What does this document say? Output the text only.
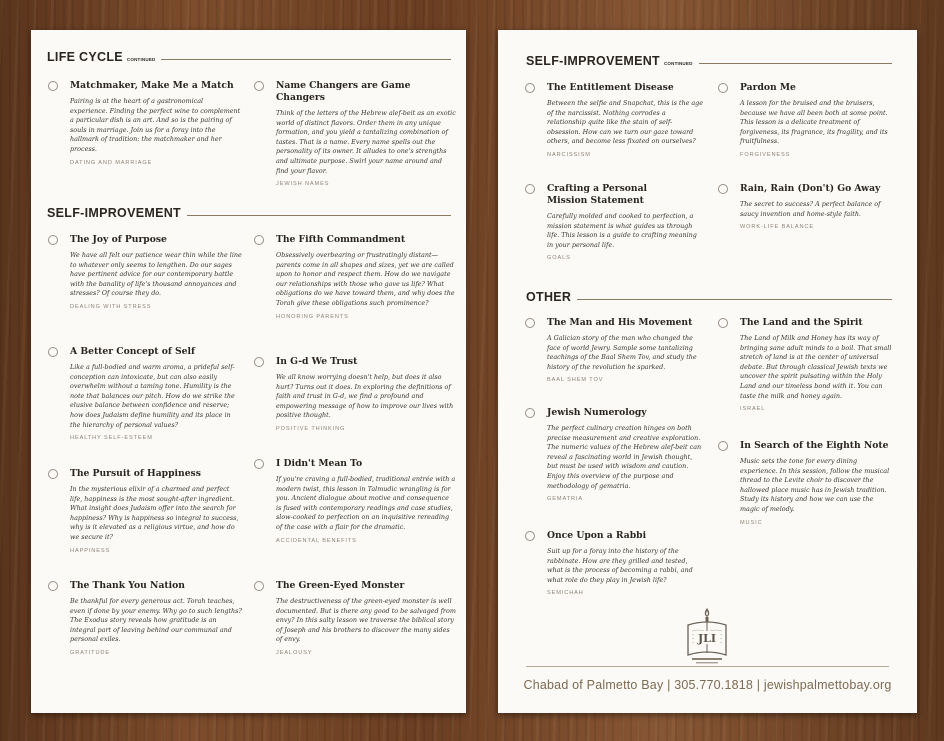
LIFE CYCLE CONTINUED
Matchmaker, Make Me a Match
Pairing is at the heart of a gastronomical experience. Finding the perfect wine to complement a particular dish is an art. And so is the pairing of souls in marriage. Join us for a foray into the hallmark of tradition: the matchmaker and her process.
DATING AND MARRIAGE
Name Changers are Game Changers
Think of the letters of the Hebrew alef-beit as an exotic world of distinct flavors. Order them in any unique formation, and you yield a tantalizing combination of tastes. That is a name. Every name spells out the personality of its owner. It alludes to one's strengths and ultimate purpose. Swirl your name around and find your flavor.
JEWISH NAMES
SELF-IMPROVEMENT
The Joy of Purpose
We have all felt our patience wear thin while the line to whatever only seems to lengthen. Do our sages have pertinent advice for our contemporary battle with the banality of life's thousand annoyances and stresses? Of course they do.
DEALING WITH STRESS
The Fifth Commandment
Obsessively overbearing or frustratingly distant—parents come in all shapes and sizes, yet we are called upon to honor and respect them. How do we navigate our relationships with those who gave us life? What obligations do we have toward them, and why does the Torah give these obligations such prominence?
HONORING PARENTS
A Better Concept of Self
Like a full-bodied and warm aroma, a prideful self-conception can intoxicate, but can also easily overwhelm without a taming tone. Humility is the note that balances our pitch. How do we strike the elusive balance between confidence and reserve; how does Judaism define humility and its place in the hierarchy of personal values?
HEALTHY SELF-ESTEEM
In G-d We Trust
We all know worrying doesn't help, but does it also hurt? Turns out it does. In exploring the definitions of faith and trust in G-d, we find a profound and empowering message of how to improve our lives with positive thought.
POSITIVE THINKING
The Pursuit of Happiness
In the mysterious elixir of a charmed and perfect life, happiness is the most sought-after ingredient. What insight does Judaism offer into the search for happiness? Why is happiness so integral to success, why is it elevated as a religious virtue, and how do we secure it?
HAPPINESS
I Didn't Mean To
If you're craving a full-bodied, traditional entrée with a modern twist, this lesson in Talmudic wrangling is for you. Ancient dialogue about motive and consequence is fused with contemporary readings and case studies, slow-cooked to perfection on an inquisitive rereading of the case with a flair for the dramatic.
ACCIDENTAL BENEFITS
The Thank You Nation
Be thankful for every generous act. Torah teaches, even if done by your enemy. Why go to such lengths? The Exodus story reveals how gratitude is an integral part of leaving behind our communal and personal exiles.
GRATITUDE
The Green-Eyed Monster
The destructiveness of the green-eyed monster is well documented. But is there any good to be salvaged from envy? In this salty lesson we traverse the biblical story of Joseph and his brothers to discover the many sides of envy.
JEALOUSY
SELF-IMPROVEMENT CONTINUED
The Entitlement Disease
Between the selfie and Snapchat, this is the age of the narcissist. Nothing corrodes a relationship quite like the stain of self-obsession. How can we turn our gaze toward others, and become less fixated on ourselves?
NARCISSISM
Pardon Me
A lesson for the bruised and the bruisers, because we have all been both at some point. This lesson is a delicate treatment of forgiveness, its fragrance, its fragility, and its fruitfulness.
FORGIVENESS
Crafting a Personal
Mission Statement
Carefully molded and cooked to perfection, a mission statement is what guides us through life. This lesson is a guide to crafting meaning in your personal life.
GOALS
Rain, Rain (Don't) Go Away
The secret to success? A perfect balance of saucy invention and home-style faith.
WORK-LIFE BALANCE
OTHER
The Man and His Movement
A Galician story of the man who changed the face of world Jewry. Sample some tantalizing teachings of the Baal Shem Tov, and study the history of the revolution he sparked.
BAAL SHEM TOV
The Land and the Spirit
The Land of Milk and Honey has its way of bringing sane adult minds to a boil. That small stretch of land is at the center of universal debate. But through classical Jewish texts we uncover the spirit pulsating within the Holy Land and our timeless bond with it. You can taste the milk and honey again.
ISRAEL
Jewish Numerology
The perfect culinary creation hinges on both precise measurement and creative exploration. The numeric values of the Hebrew alef-beit can reveal a fascinating world in Jewish thought, but must be used with wisdom and caution. Enjoy this overview of the purpose and methodology of gematria.
GEMATRIA
In Search of the Eighth Note
Music sets the tone for every dining experience. In this session, follow the musical thread to the Levite choir to discover the hallowed place music has in Jewish tradition. Study its history and how we can use the magic of melody.
MUSIC
Once Upon a Rabbi
Suit up for a foray into the history of the rabbinate. How are they grilled and tested, what is the process of becoming a rabbi, and what role do they play in Jewish life?
SEMICHAH
JLI
Chabad of Palmetto Bay | 305.770.1818 | jewishpalmettobay.org
